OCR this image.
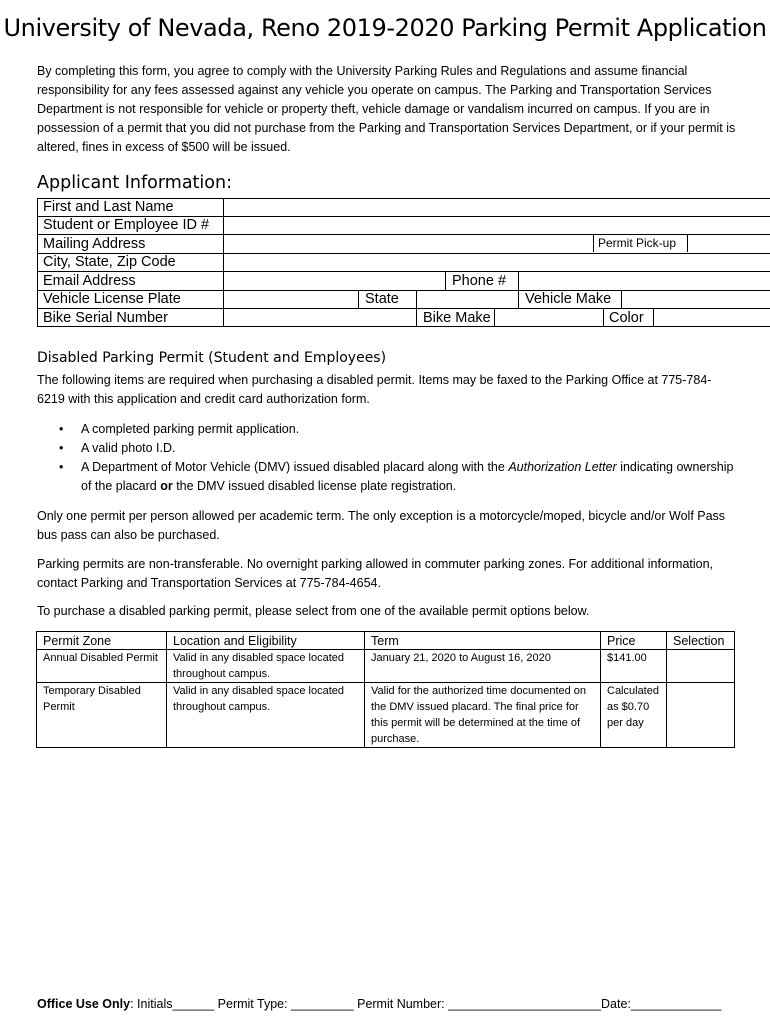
University of Nevada, Reno 2019-2020 Parking Permit Application

By completing this form, you agree to comply with the University Parking Rules and Regulations and assume financial responsibility for any fees assessed against any vehicle you operate on campus. The Parking and Transportation Services Department is not responsible for vehicle or property theft, vehicle damage or vandalism incurred on campus. If you are in possession of a permit that you did not purchase from the Parking and Transportation Services Department, or if your permit is altered, fines in excess of $500 will be issued.

Applicant Information:
First and Last Name
Student or Employee ID #
Mailing Address	Permit Pick-up
City, State, Zip Code
Email Address	Phone #
Vehicle License Plate	State	Vehicle Make
Bike Serial Number	Bike Make	Color
Disabled Parking Permit (Student and Employees)

The following items are required when purchasing a disabled permit. Items may be faxed to the Parking Office at 775-784-6219 with this application and credit card authorization form.

• A completed parking permit application.
• A valid photo I.D.
• A Department of Motor Vehicle (DMV) issued disabled placard along with the Authorization Letter indicating ownership of the placard or the DMV issued disabled license plate registration.

Only one permit per person allowed per academic term. The only exception is a motorcycle/moped, bicycle and/or Wolf Pass bus pass can also be purchased.

Parking permits are non-transferable. No overnight parking allowed in commuter parking zones. For additional information, contact Parking and Transportation Services at 775-784-4654.

To purchase a disabled parking permit, please select from one of the available permit options below.

Permit Zone	Location and Eligibility	Term	Price	Selection
Annual Disabled Permit	Valid in any disabled space located throughout campus.	January 21, 2020 to August 16, 2020	$141.00	
Temporary Disabled Permit	Valid in any disabled space located throughout campus.	Valid for the authorized time documented on the DMV issued placard. The final price for this permit will be determined at the time of purchase.	Calculated as $0.70 per day	

Office Use Only: Initials______ Permit Type: _________ Permit Number: ______________________Date:_____________
